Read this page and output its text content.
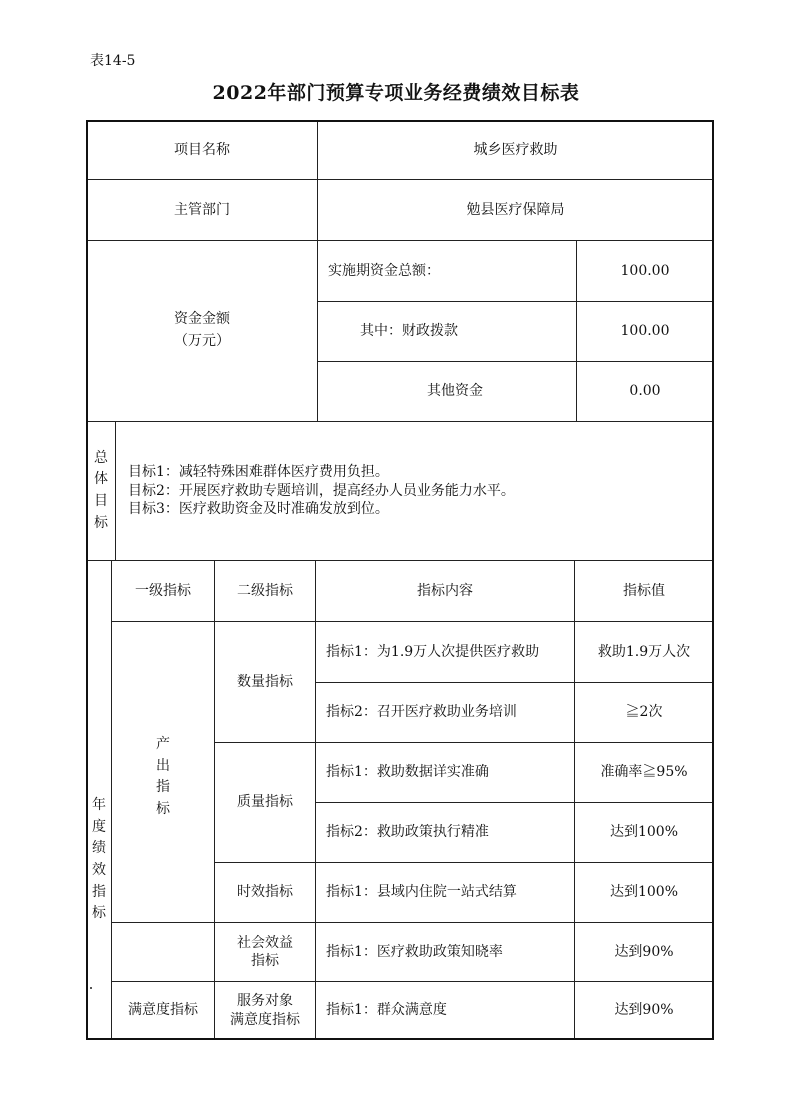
表14-5
2022年部门预算专项业务经费绩效目标表
项目名称	城乡医疗救助
主管部门	勉县医疗保障局
资金金额
（万元）
实施期资金总额：	100.00
其中：财政拨款	100.00
其他资金	0.00
总
体
目
标
目标1：减轻特殊困难群体医疗费用负担。
目标2：开展医疗救助专题培训，提高经办人员业务能力水平。
目标3：医疗救助资金及时准确发放到位。
年
度
绩
效
指
标
一级指标	二级指标	指标内容	指标值
产
出
指
标
数量指标
指标1：为1.9万人次提供医疗救助	救助1.9万人次
指标2：召开医疗救助业务培训	≧2次
质量指标
指标1：救助数据详实准确	准确率≧95%
指标2：救助政策执行精准	达到100%
时效指标	指标1：县域内住院一站式结算	达到100%
社会效益
指标
指标1：医疗救助政策知晓率	达到90%
满意度指标
服务对象
满意度指标
指标1：群众满意度	达到90%
